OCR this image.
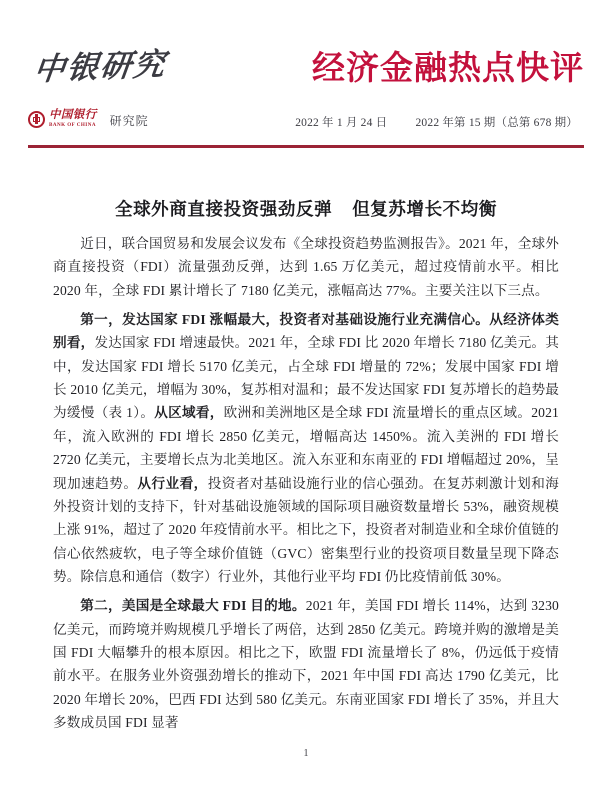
中银研究
中国银行
BANK OF CHINA 研究院
经济金融热点快评
2022 年 1 月 24 日 2022 年第 15 期（总第 678 期）
全球外商直接投资强劲反弹 但复苏增长不均衡

近日，联合国贸易和发展会议发布《全球投资趋势监测报告》。2021 年，全球外商直接投资（FDI）流量强劲反弹，达到 1.65 万亿美元，超过疫情前水平。相比 2020 年，全球 FDI 累计增长了 7180 亿美元，涨幅高达 77%。主要关注以下三点。

第一，发达国家 FDI 涨幅最大，投资者对基础设施行业充满信心。从经济体类别看，发达国家 FDI 增速最快。2021 年，全球 FDI 比 2020 年增长 7180 亿美元。其中，发达国家 FDI 增长 5170 亿美元，占全球 FDI 增量的 72%；发展中国家 FDI 增长 2010 亿美元，增幅为 30%，复苏相对温和；最不发达国家 FDI 复苏增长的趋势最为缓慢（表 1）。从区域看，欧洲和美洲地区是全球 FDI 流量增长的重点区域。2021 年，流入欧洲的 FDI 增长 2850 亿美元，增幅高达 1450%。流入美洲的 FDI 增长 2720 亿美元，主要增长点为北美地区。流入东亚和东南亚的 FDI 增幅超过 20%，呈现加速趋势。从行业看，投资者对基础设施行业的信心强劲。在复苏刺激计划和海外投资计划的支持下，针对基础设施领域的国际项目融资数量增长 53%，融资规模上涨 91%，超过了 2020 年疫情前水平。相比之下，投资者对制造业和全球价值链的信心依然疲软，电子等全球价值链（GVC）密集型行业的投资项目数量呈现下降态势。除信息和通信（数字）行业外，其他行业平均 FDI 仍比疫情前低 30%。

第二，美国是全球最大 FDI 目的地。2021 年，美国 FDI 增长 114%，达到 3230 亿美元，而跨境并购规模几乎增长了两倍，达到 2850 亿美元。跨境并购的激增是美国 FDI 大幅攀升的根本原因。相比之下，欧盟 FDI 流量增长了 8%，仍远低于疫情前水平。在服务业外资强劲增长的推动下，2021 年中国 FDI 高达 1790 亿美元，比 2020 年增长 20%，巴西 FDI 达到 580 亿美元。东南亚国家 FDI 增长了 35%，并且大多数成员国 FDI 显著

1
